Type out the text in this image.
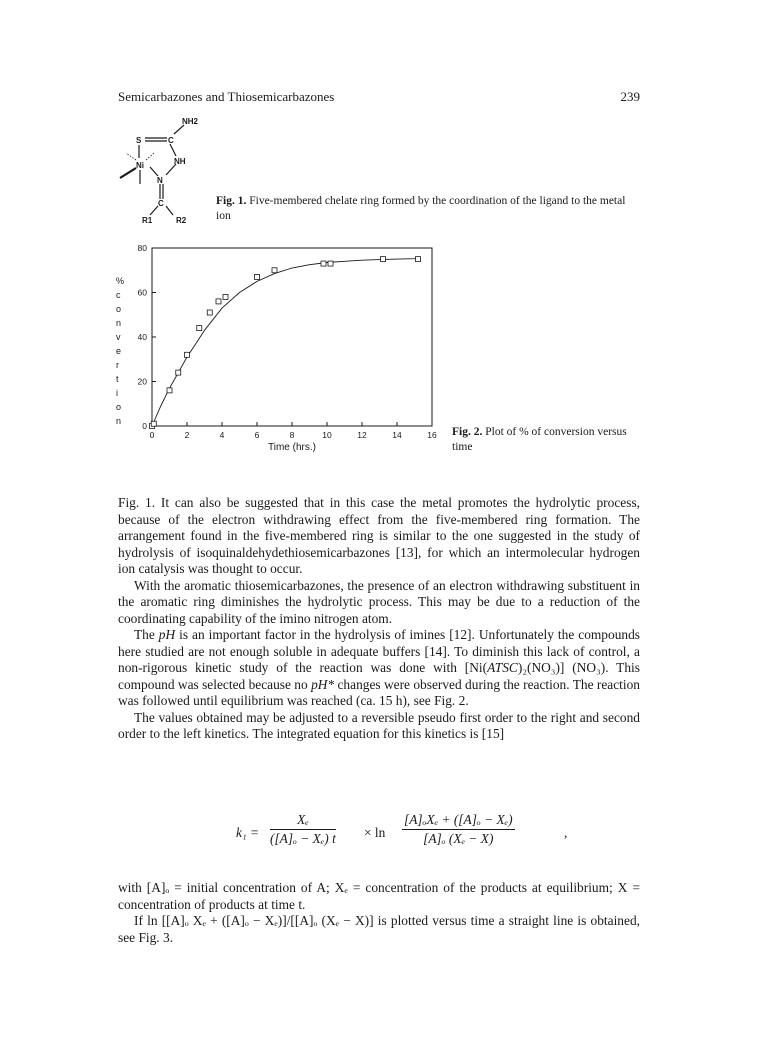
Semicarbazones and Thiosemicarbazones	239
S	C
NH2
NH
Ni
N
C
R1	R2
Fig. 1. Five-membered chelate ring formed by the coordination of the ligand to the metal ion
%
c
o
n
v
e
r
t
i
o
n
0	2	4	6	8	10	12	14	16
0
20
40
60
80
Time (hrs.)
Fig. 2. Plot of % of conversion versus time

Fig. 1. It can also be suggested that in this case the metal promotes the hydrolytic process, because of the electron withdrawing effect from the five-membered ring formation. The arrangement found in the five-membered ring is similar to the one suggested in the study of hydrolysis of isoquinaldehydethiosemicarbazones [13], for which an intermolecular hydrogen ion catalysis was thought to occur.

With the aromatic thiosemicarbazones, the presence of an electron withdrawing substituent in the aromatic ring diminishes the hydrolytic process. This may be due to a reduction of the coordinating capability of the imino nitrogen atom.

The pH is an important factor in the hydrolysis of imines [12]. Unfortunately the compounds here studied are not enough soluble in adequate buffers [14]. To diminish this lack of control, a non-rigorous kinetic study of the reaction was done with [Ni(ATSC)₂(NO₃)] (NO₃). This compound was selected because no pH* changes were observed during the reaction. The reaction was followed until equilibrium was reached (ca. 15 h), see Fig. 2.

The values obtained may be adjusted to a reversible pseudo first order to the right and second order to the left kinetics. The integrated equation for this kinetics is [15]

$k_1 = \frac{\text{Xₑ}}{\text{([A]ₒ − Xₑ) t}} \times \ln$
[A]ₒXₑ + ([A]ₒ − Xₑ)
[A]ₒ (Xₑ − X)	,

with [A]ₒ = initial concentration of A; Xₑ = concentration of the products at equilibrium; X = concentration of products at time t.

If ln [[A]ₒ Xₑ + ([A]ₒ − Xₑ)]/[[A]ₒ (Xₑ − X)] is plotted versus time a straight line is obtained, see Fig. 3.
